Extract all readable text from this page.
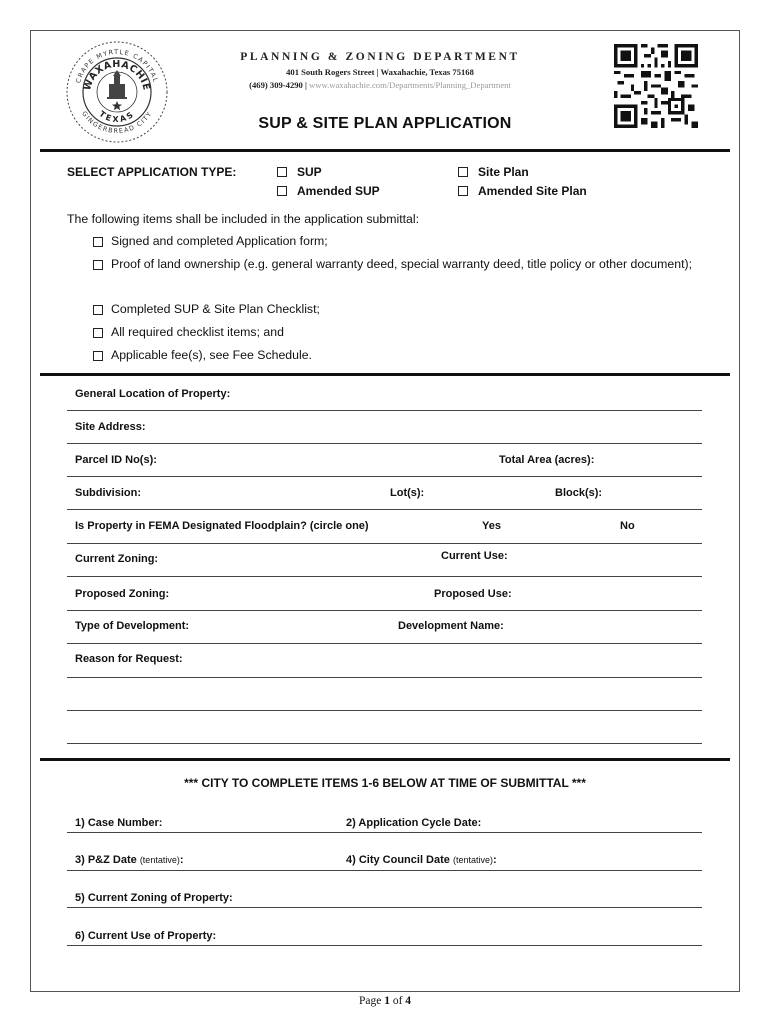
CRAPE MYRTLE CAPITAL
GINGERBREAD CITY
WAXAHACHIE
TEXAS
PLANNING & ZONING DEPARTMENT
401 South Rogers Street | Waxahachie, Texas 75168
(469) 309-4290 | www.waxahachie.com/Departments/Planning_Department
SUP & SITE PLAN APPLICATION
SELECT APPLICATION TYPE:	SUP
Amended SUP
Site Plan
Amended Site Plan
The following items shall be included in the application submittal:
Signed and completed Application form;
Proof of land ownership (e.g. general warranty deed, special warranty deed, title policy or other document);
Completed SUP & Site Plan Checklist;
All required checklist items; and
Applicable fee(s), see Fee Schedule.
General Location of Property:
Site Address:
Parcel ID No(s):	Total Area (acres):
Subdivision:	Lot(s):	Block(s):
Is Property in FEMA Designated Floodplain? (circle one)	Yes	No
Current Zoning:	Current Use:
Proposed Zoning:	Proposed Use:
Type of Development:	Development Name:
Reason for Request:
*** CITY TO COMPLETE ITEMS 1-6 BELOW AT TIME OF SUBMITTAL ***
1) Case Number:	2) Application Cycle Date:
3) P&Z Date (tentative):	4) City Council Date (tentative):
5) Current Zoning of Property:
6) Current Use of Property:
Page 1 of 4
